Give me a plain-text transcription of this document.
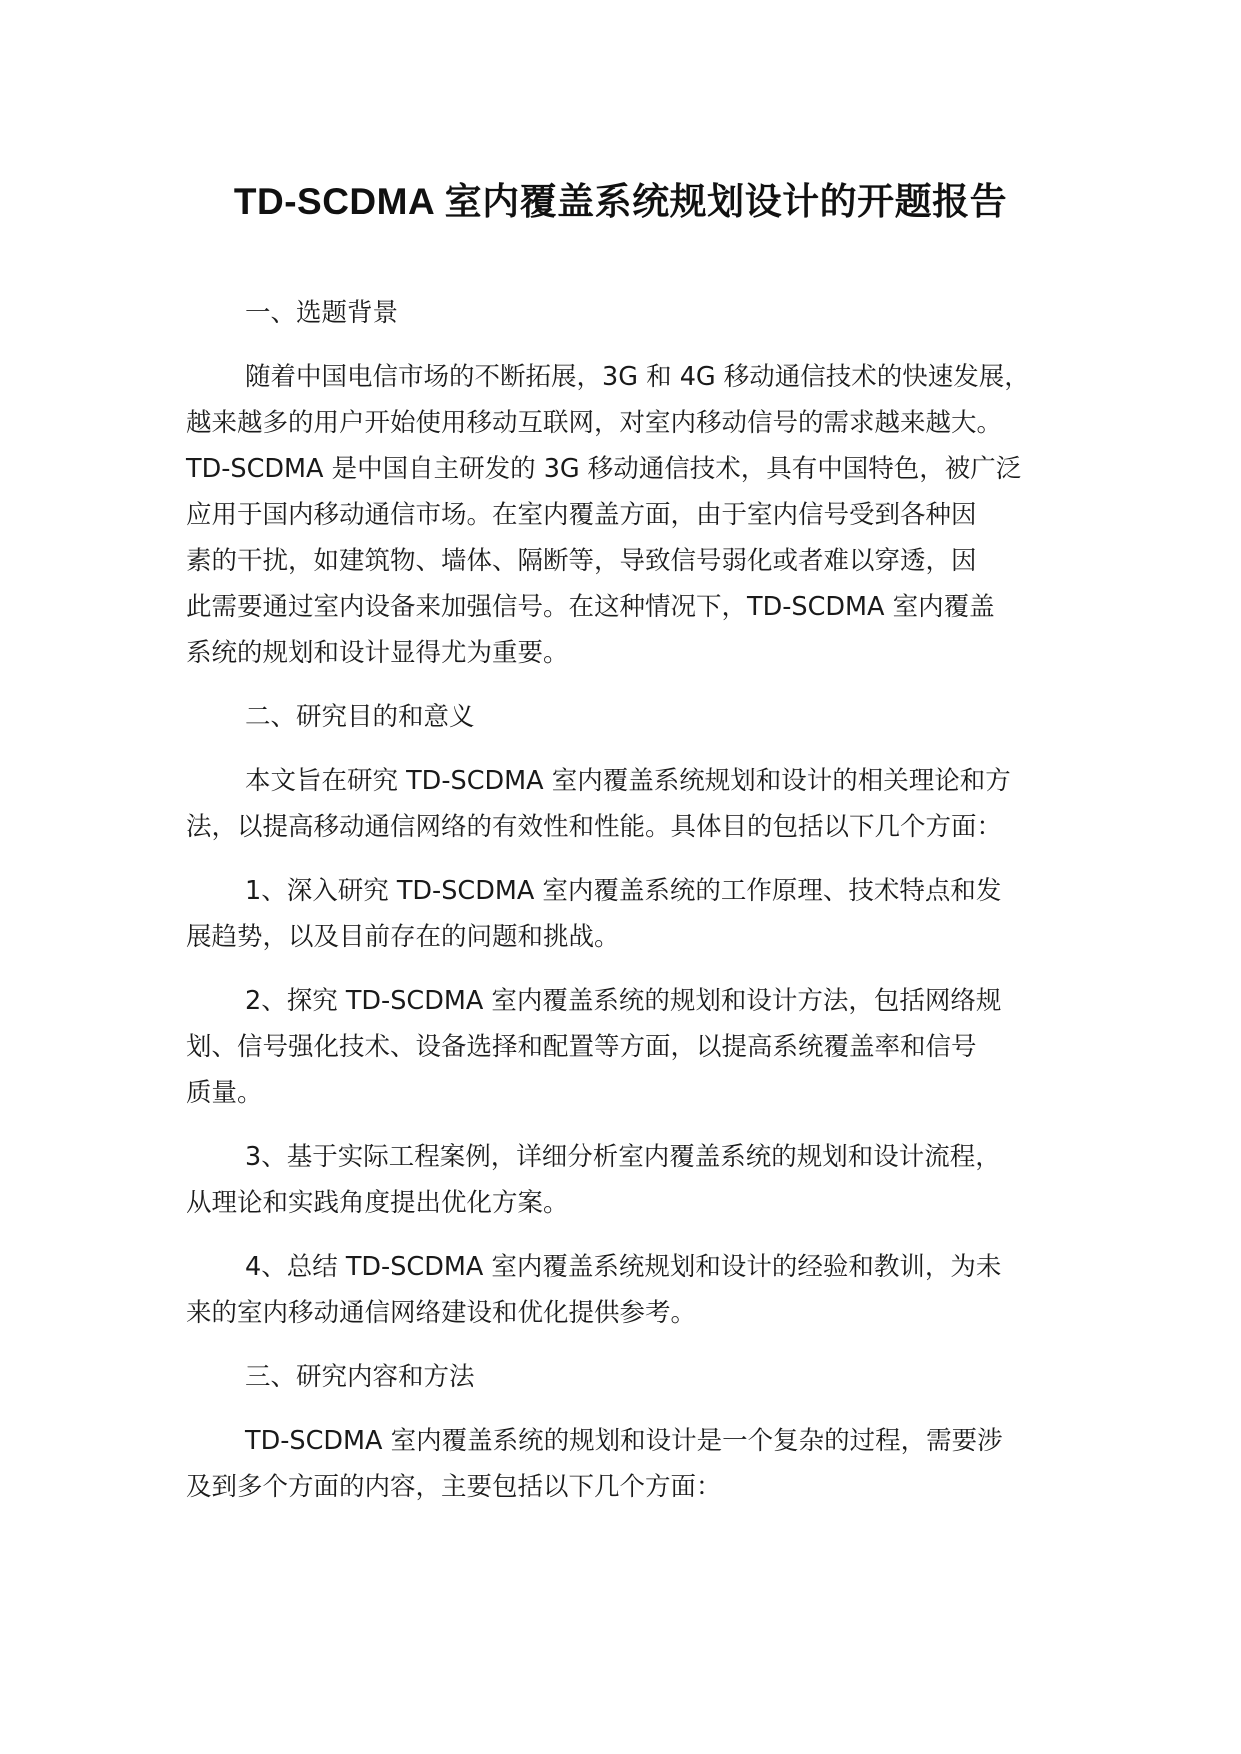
TD-SCDMA 室内覆盖系统规划设计的开题报告

一、选题背景

随着中国电信市场的不断拓展，3G 和 4G 移动通信技术的快速发展，
越来越多的用户开始使用移动互联网，对室内移动信号的需求越来越大。
TD-SCDMA 是中国自主研发的 3G 移动通信技术，具有中国特色，被广泛
应用于国内移动通信市场。在室内覆盖方面，由于室内信号受到各种因
素的干扰，如建筑物、墙体、隔断等，导致信号弱化或者难以穿透，因
此需要通过室内设备来加强信号。在这种情况下，TD-SCDMA 室内覆盖
系统的规划和设计显得尤为重要。

二、研究目的和意义

本文旨在研究 TD-SCDMA 室内覆盖系统规划和设计的相关理论和方
法，以提高移动通信网络的有效性和性能。具体目的包括以下几个方面：

1、深入研究 TD-SCDMA 室内覆盖系统的工作原理、技术特点和发
展趋势，以及目前存在的问题和挑战。

2、探究 TD-SCDMA 室内覆盖系统的规划和设计方法，包括网络规
划、信号强化技术、设备选择和配置等方面，以提高系统覆盖率和信号
质量。

3、基于实际工程案例，详细分析室内覆盖系统的规划和设计流程，
从理论和实践角度提出优化方案。

4、总结 TD-SCDMA 室内覆盖系统规划和设计的经验和教训，为未
来的室内移动通信网络建设和优化提供参考。

三、研究内容和方法

TD-SCDMA 室内覆盖系统的规划和设计是一个复杂的过程，需要涉
及到多个方面的内容，主要包括以下几个方面：
